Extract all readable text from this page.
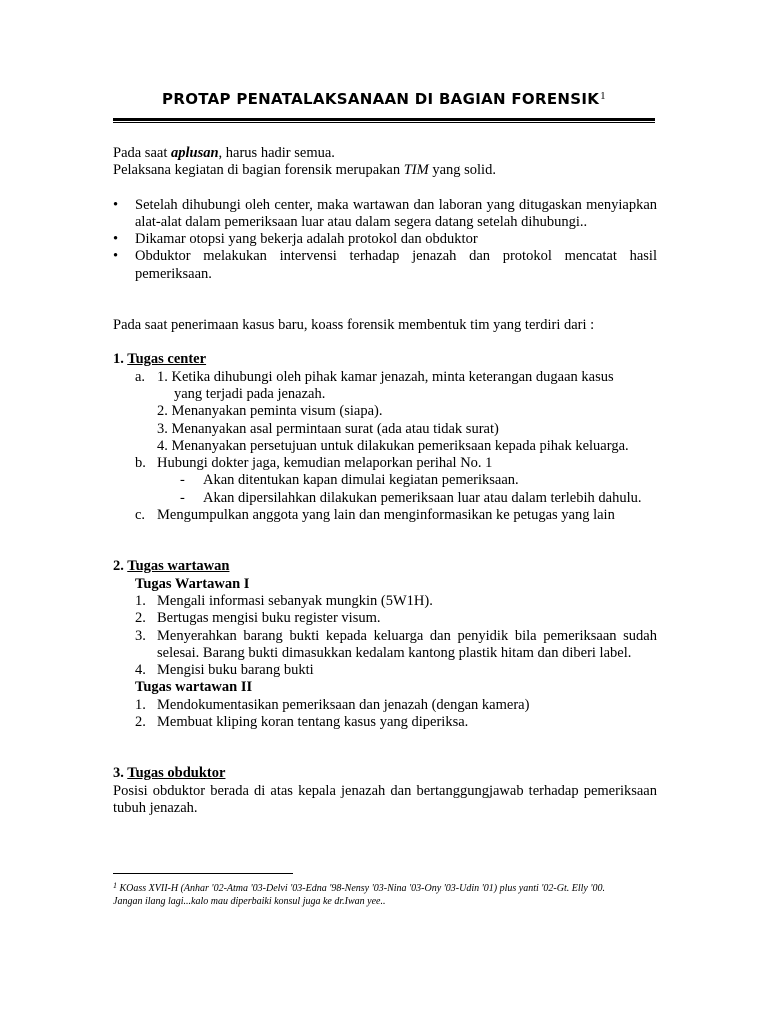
PROTAP PENATALAKSANAAN DI BAGIAN FORENSIK$^1$

Pada saat aplusan, harus hadir semua.

Pelaksana kegiatan di bagian forensik merupakan TIM yang solid.

• Setelah dihubungi oleh center, maka wartawan dan laboran yang ditugaskan menyiapkan alat-alat dalam pemeriksaan luar atau dalam segera datang setelah dihubungi..
• Dikamar otopsi yang bekerja adalah protokol dan obduktor
• Obduktor melakukan intervensi terhadap jenazah dan protokol mencatat hasil pemeriksaan.

Pada saat penerimaan kasus baru, koass forensik membentuk tim yang terdiri dari :

1. Tugas center

a. 1. Ketika dihubungi oleh pihak kamar jenazah, minta keterangan dugaan kasus
yang terjadi pada jenazah.
2. Menanyakan peminta visum (siapa).
3. Menanyakan asal permintaan surat (ada atau tidak surat)
4. Menanyakan persetujuan untuk dilakukan pemeriksaan kepada pihak keluarga.
b. Hubungi dokter jaga, kemudian melaporkan perihal No. 1
- Akan ditentukan kapan dimulai kegiatan pemeriksaan.
- Akan dipersilahkan dilakukan pemeriksaan luar atau dalam terlebih dahulu.
c. Mengumpulkan anggota yang lain dan menginformasikan ke petugas yang lain

2. Tugas wartawan

Tugas Wartawan I

1. Mengali informasi sebanyak mungkin (5W1H).
2. Bertugas mengisi buku register visum.
3. Menyerahkan barang bukti kepada keluarga dan penyidik bila pemeriksaan sudah selesai. Barang bukti dimasukkan kedalam kantong plastik hitam dan diberi label.
4. Mengisi buku barang bukti

Tugas wartawan II

1. Mendokumentasikan pemeriksaan dan jenazah (dengan kamera)
2. Membuat kliping koran tentang kasus yang diperiksa.

3. Tugas obduktor

Posisi obduktor berada di atas kepala jenazah dan bertanggungjawab terhadap pemeriksaan tubuh jenazah.

$^1$ KOass XVII-H (Anhar '02-Atma '03-Delvi '03-Edna '98-Nensy '03-Nina '03-Ony '03-Udin '01) plus yanti '02-Gt. Elly '00.
Jangan ilang lagi...kalo mau diperbaiki konsul juga ke dr.Iwan yee..
